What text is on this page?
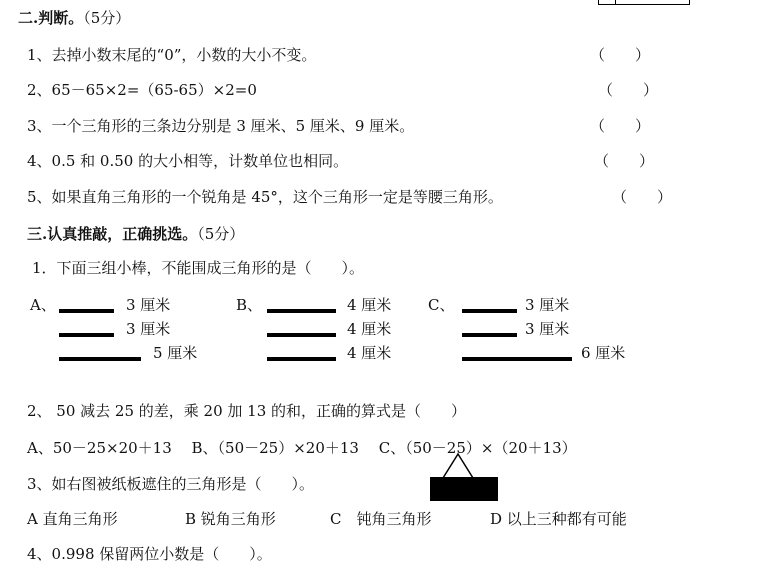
二.判断。（5分）
1、去掉小数末尾的“0”，小数的大小不变。	（　　）
2、65－65×2=（65-65）×2=0	（　　）
3、一个三角形的三条边分别是 3 厘米、5 厘米、9 厘米。	（　　）
4、0.5 和 0.50 的大小相等，计数单位也相同。	（　　）
5、如果直角三角形的一个锐角是 45°，这个三角形一定是等腰三角形。	（　　）
三.认真推敲，正确挑选。（5分）
1．下面三组小棒，不能围成三角形的是（　　）。
A、	3 厘米
3 厘米
5 厘米
B、	4 厘米
4 厘米
4 厘米
C、	3 厘米
3 厘米
6 厘米
2、 50 减去 25 的差，乘 20 加 13 的和，正确的算式是（　　）
A、50－25×20＋13　 B、（50－25）×20＋13　 C、（50－25）×（20＋13）
3、如右图被纸板遮住的三角形是（　　）。
A 直角三角形	B 锐角三角形	C　钝角三角形	D 以上三种都有可能
4、0.998 保留两位小数是（　　）。
